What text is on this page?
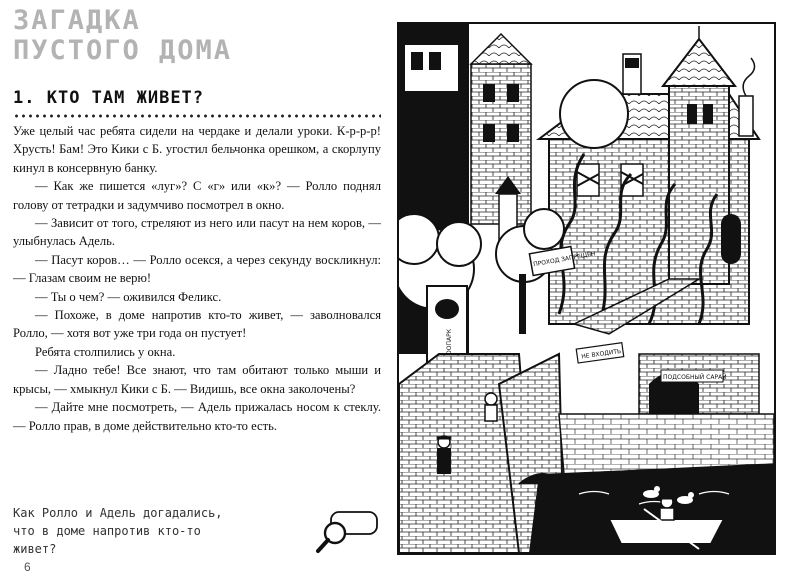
ЗАГАДКА
ПУСТОГО ДОМА
1. КТО ТАМ ЖИВЕТ?

Уже целый час ребята сидели на чердаке и делали уроки. К-р-р-р! Хрусть! Бам! Это Кики с Б. угостил бельчонка орешком, а скорлупу кинул в консервную банку.

— Как же пишется «луг»? С «г» или «к»? — Ролло поднял голову от тетрадки и задумчиво посмотрел в окно.

— Зависит от того, стреляют из него или пасут на нем коров, — улыбнулась Адель.

— Пасут коров… — Ролло осекся, а через секунду воскликнул: — Глазам своим не верю!

— Ты о чем? — оживился Феликс.

— Похоже, в доме напротив кто-то живет, — заволновался Ролло, — хотя вот уже три года он пустует!

Ребята столпились у окна.

— Ладно тебе! Все знают, что там обитают только мыши и крысы, — хмыкнул Кики с Б. — Видишь, все окна заколочены?

— Дайте мне посмотреть, — Адель прижалась носом к стеклу. — Ролло прав, в доме действительно кто-то есть.

Как Ролло и Адель догадались,
что в доме напротив кто-то
живет?

6
ПРОХОД ЗАПРЕЩЁН
НЕ ВХОДИТЬ
ПОДСОБНЫЙ САРАЙ
